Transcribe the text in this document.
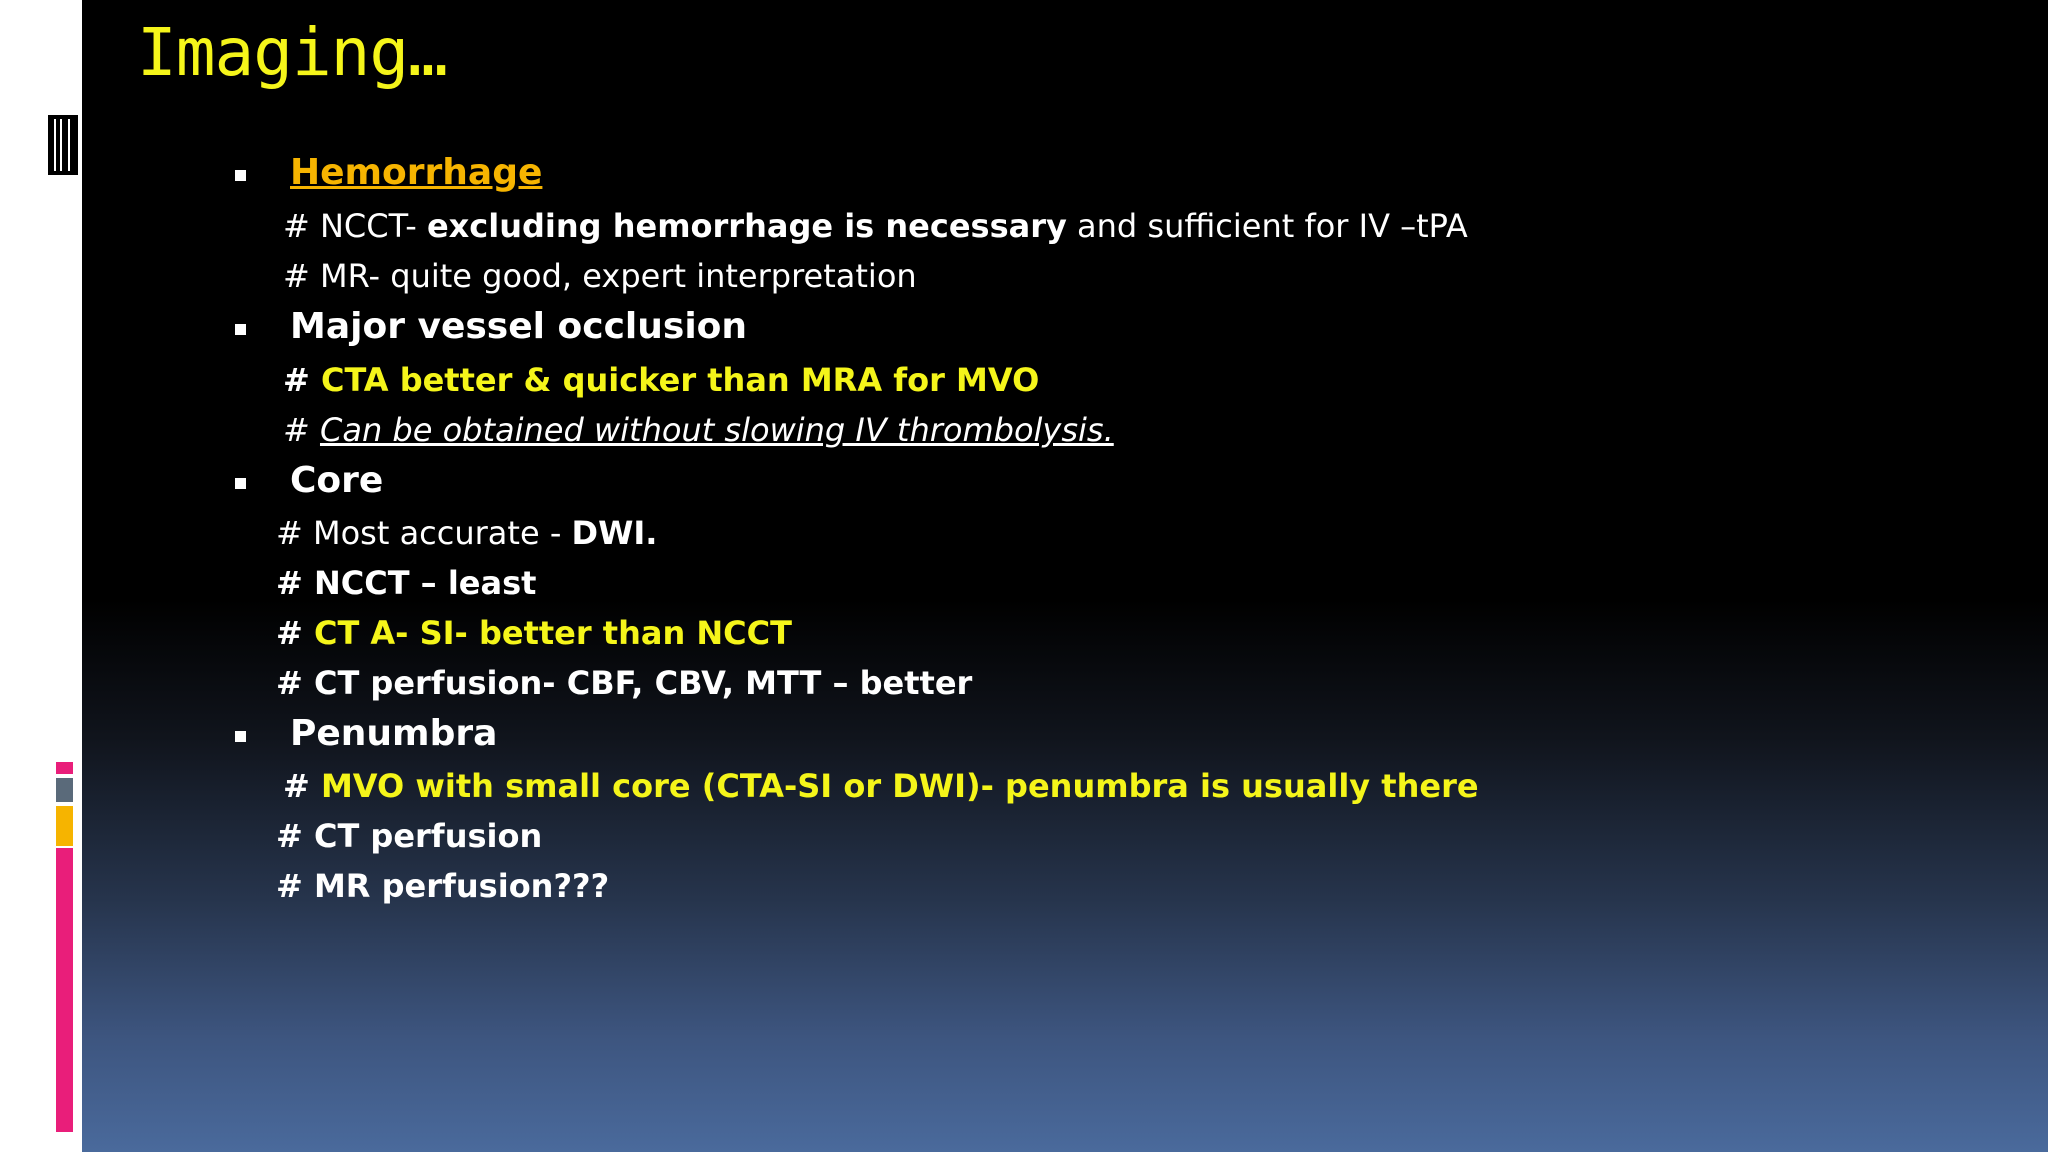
Imaging…
Hemorrhage
# NCCT- excluding hemorrhage is necessary and sufficient for IV –tPA
# MR- quite good, expert interpretation
Major vessel occlusion
# CTA better & quicker than MRA for MVO
# Can be obtained without slowing IV thrombolysis.
Core
# Most accurate - DWI.
# NCCT – least
# CT A- SI- better than NCCT
# CT perfusion- CBF, CBV, MTT – better
Penumbra
# MVO with small core (CTA-SI or DWI)- penumbra is usually there
# CT perfusion
# MR perfusion???
